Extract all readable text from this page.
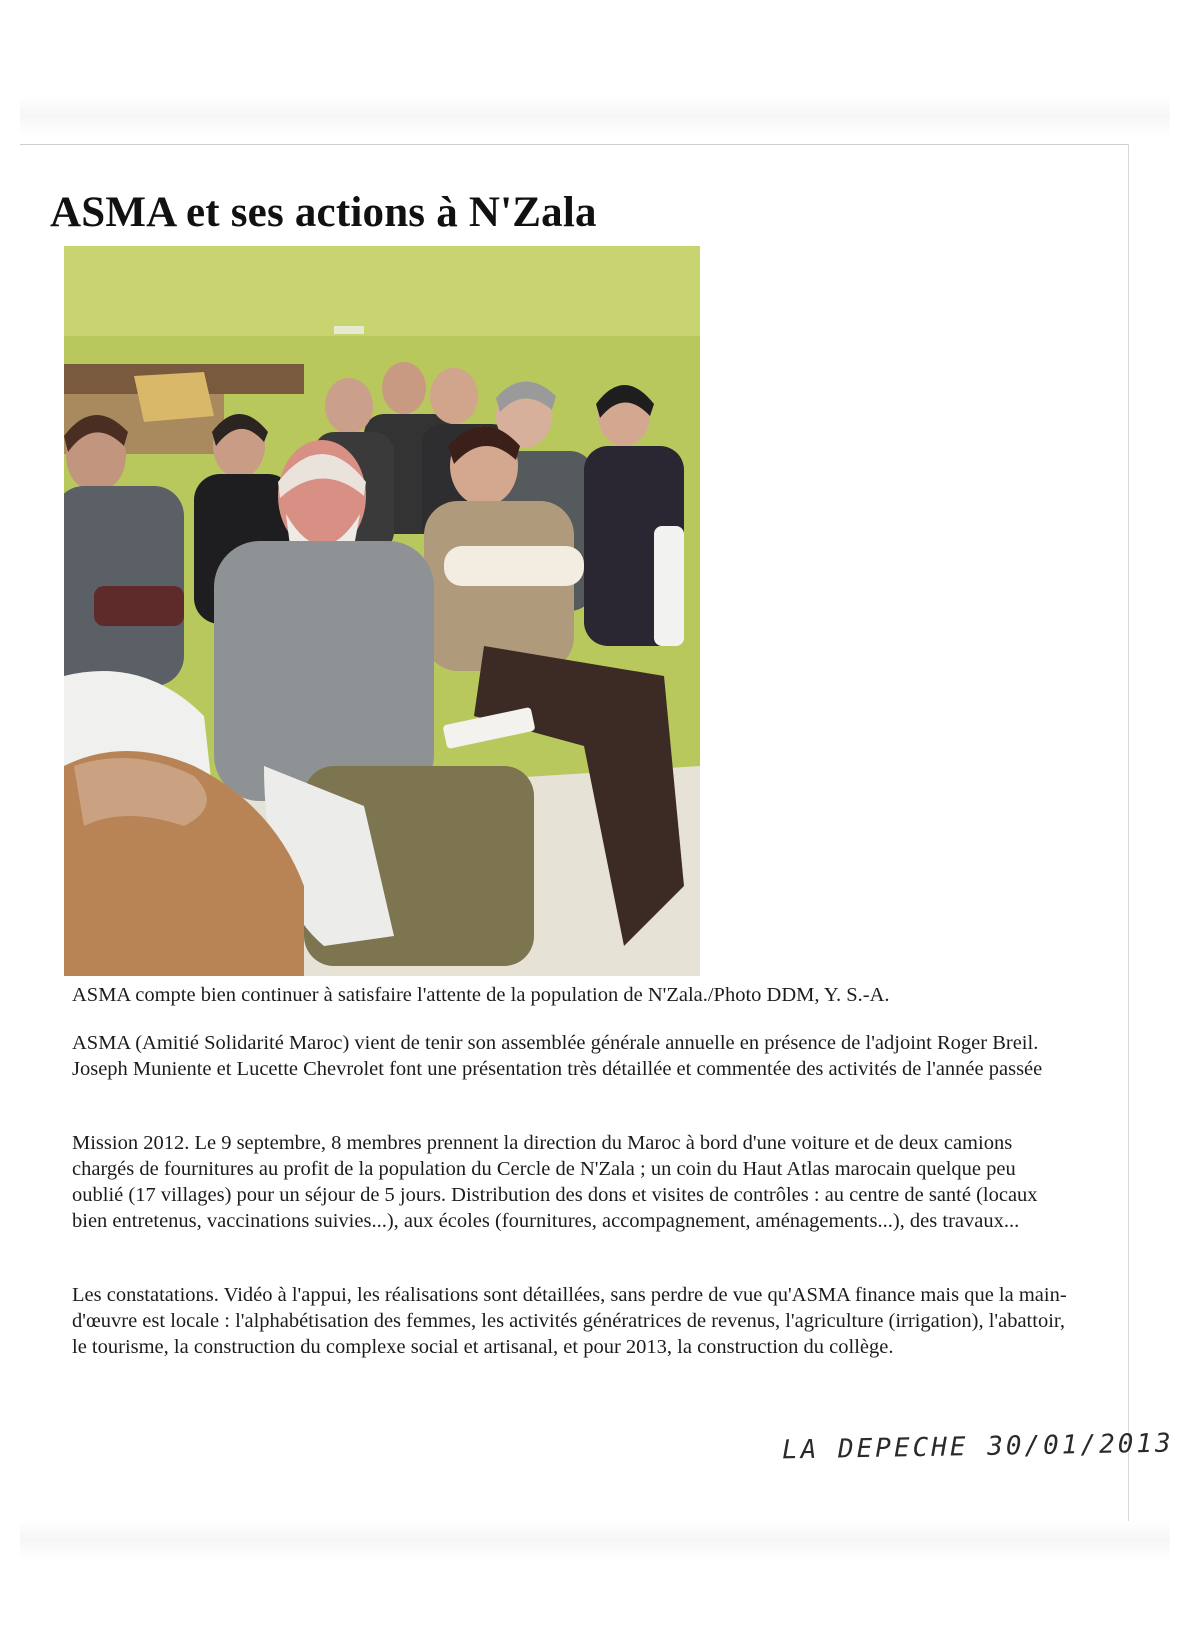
ASMA et ses actions à N'Zala
ASMA compte bien continuer à satisfaire l'attente de la population de N'Zala./Photo DDM, Y. S.-A.
ASMA (Amitié Solidarité Maroc) vient de tenir son assemblée générale annuelle en présence de l'adjoint Roger Breil. Joseph Muniente et Lucette Chevrolet font une présentation très détaillée et commentée des activités de l'année passée
Mission 2012. Le 9 septembre, 8 membres prennent la direction du Maroc à bord d'une voiture et de deux camions chargés de fournitures au profit de la population du Cercle de N'Zala ; un coin du Haut Atlas marocain quelque peu oublié (17 villages) pour un séjour de 5 jours. Distribution des dons et visites de contrôles : au centre de santé (locaux bien entretenus, vaccinations suivies...), aux écoles (fournitures, accompagnement, aménagements...), des travaux...
Les constatations. Vidéo à l'appui, les réalisations sont détaillées, sans perdre de vue qu'ASMA finance mais que la main-d'œuvre est locale : l'alphabétisation des femmes, les activités génératrices de revenus, l'agriculture (irrigation), l'abattoir, le tourisme, la construction du complexe social et artisanal, et pour 2013, la construction du collège.
LA DEPECHE 30/01/2013
